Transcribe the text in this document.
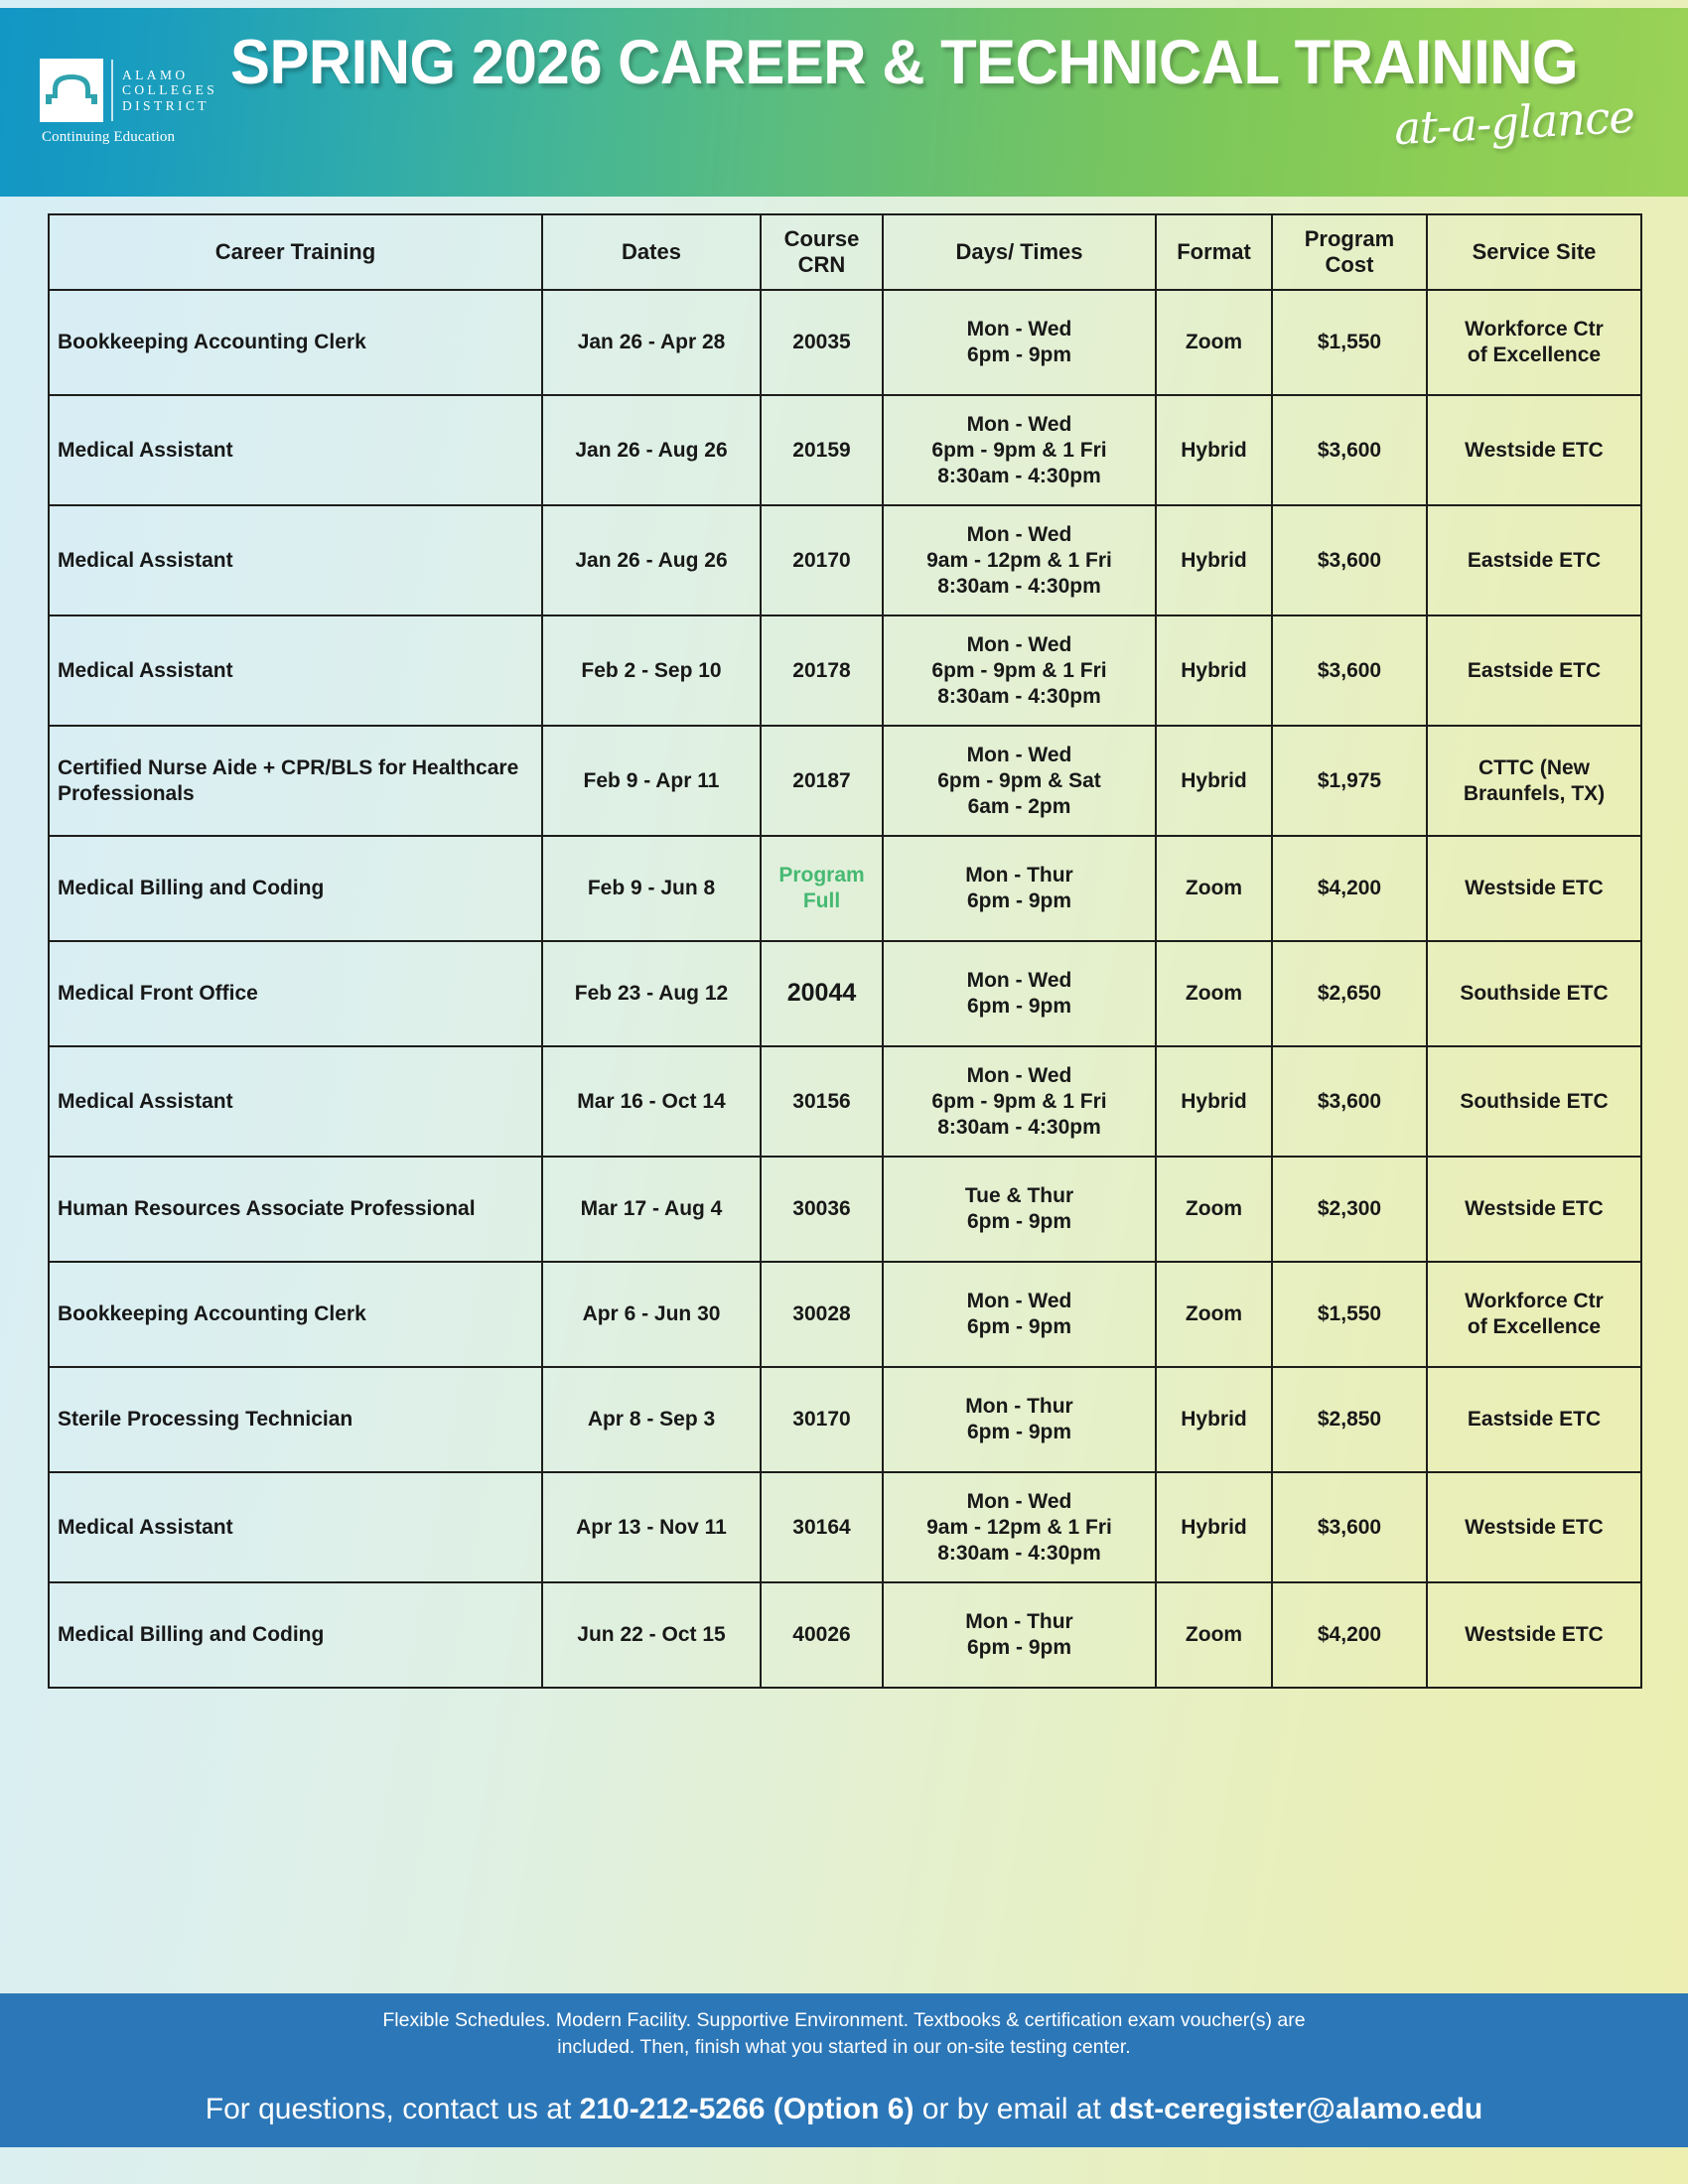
ALAMO
COLLEGES
DISTRICT
Continuing Education
SPRING 2026 CAREER & TECHNICAL TRAINING
at-a-glance
Career Training	Dates	Course
CRN	Days/ Times	Format	Program
Cost	Service Site
Bookkeeping Accounting Clerk	Jan 26 - Apr 28	20035	Mon - Wed
6pm - 9pm	Zoom	$1,550	Workforce Ctr
of Excellence

Medical Assistant	Jan 26 - Aug 26	20159	Mon - Wed
6pm - 9pm & 1 Fri
8:30am - 4:30pm	Hybrid	$3,600	Westside ETC

Medical Assistant	Jan 26 - Aug 26	20170	Mon - Wed
9am - 12pm & 1 Fri
8:30am - 4:30pm	Hybrid	$3,600	Eastside ETC

Medical Assistant	Feb 2 - Sep 10	20178	Mon - Wed
6pm - 9pm & 1 Fri
8:30am - 4:30pm	Hybrid	$3,600	Eastside ETC

Certified Nurse Aide + CPR/BLS for Healthcare Professionals	Feb 9 - Apr 11	20187	Mon - Wed
6pm - 9pm & Sat
6am - 2pm	Hybrid	$1,975	CTTC (New
Braunfels, TX)

Medical Billing and Coding	Feb 9 - Jun 8	Program
Full	Mon - Thur
6pm - 9pm	Zoom	$4,200	Westside ETC

Medical Front Office	Feb 23 - Aug 12	20044	Mon - Wed
6pm - 9pm	Zoom	$2,650	Southside ETC

Medical Assistant	Mar 16 - Oct 14	30156	Mon - Wed
6pm - 9pm & 1 Fri
8:30am - 4:30pm	Hybrid	$3,600	Southside ETC

Human Resources Associate Professional	Mar 17 - Aug 4	30036	Tue & Thur
6pm - 9pm	Zoom	$2,300	Westside ETC

Bookkeeping Accounting Clerk	Apr 6 - Jun 30	30028	Mon - Wed
6pm - 9pm	Zoom	$1,550	Workforce Ctr
of Excellence

Sterile Processing Technician	Apr 8 - Sep 3	30170	Mon - Thur
6pm - 9pm	Hybrid	$2,850	Eastside ETC

Medical Assistant	Apr 13 - Nov 11	30164	Mon - Wed
9am - 12pm & 1 Fri
8:30am - 4:30pm	Hybrid	$3,600	Westside ETC

Medical Billing and Coding	Jun 22 - Oct 15	40026	Mon - Thur
6pm - 9pm	Zoom	$4,200	Westside ETC
Flexible Schedules. Modern Facility. Supportive Environment. Textbooks & certification exam voucher(s) are
included. Then, finish what you started in our on-site testing center.
For questions, contact us at 210-212-5266 (Option 6) or by email at dst-ceregister@alamo.edu
